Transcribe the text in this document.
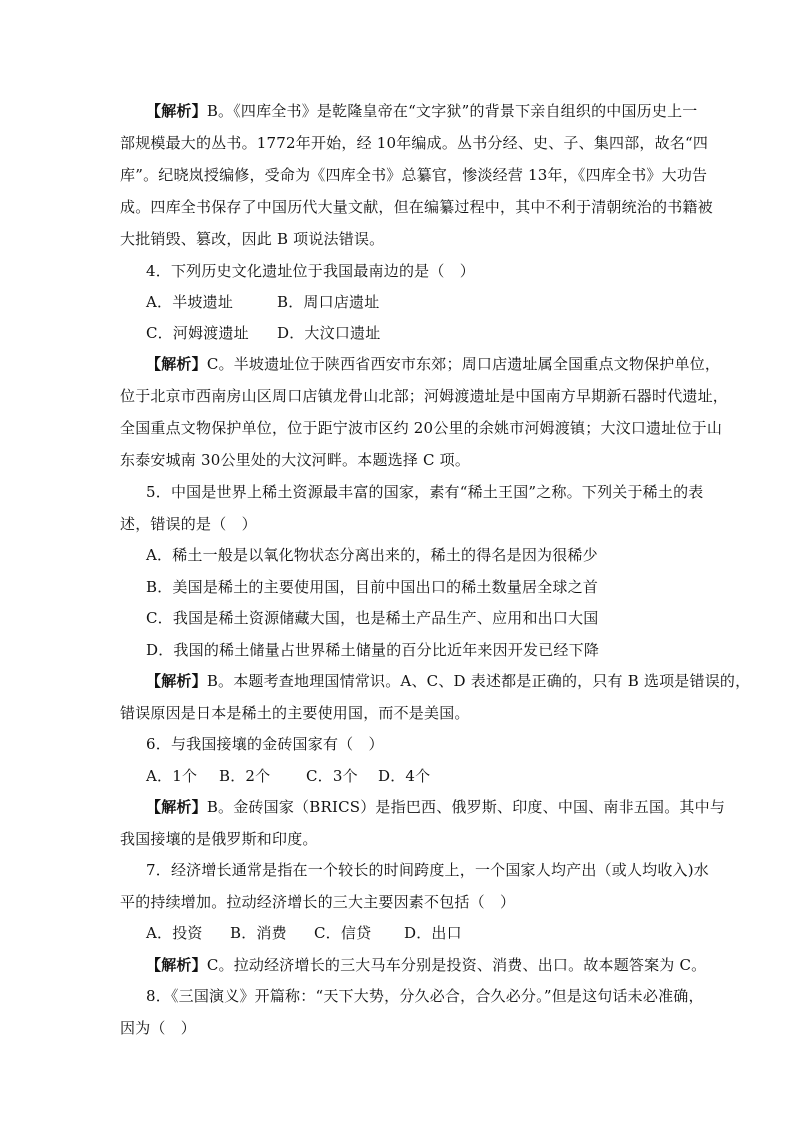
【解析】B。《四库全书》是乾隆皇帝在“文字狱”的背景下亲自组织的中国历史上一
部规模最大的丛书。1772年开始，经 10年编成。丛书分经、史、子、集四部，故名“四
库”。纪晓岚授编修，受命为《四库全书》总纂官，惨淡经营 13年，《四库全书》大功告
成。四库全书保存了中国历代大量文献，但在编纂过程中，其中不利于清朝统治的书籍被
大批销毁、篡改，因此 B 项说法错误。
4．下列历史文化遗址位于我国最南边的是（　）
A．半坡遗址	B．周口店遗址
C．河姆渡遗址 D．大汶口遗址
【解析】C。半坡遗址位于陕西省西安市东郊；周口店遗址属全国重点文物保护单位，
位于北京市西南房山区周口店镇龙骨山北部；河姆渡遗址是中国南方早期新石器时代遗址，
全国重点文物保护单位，位于距宁波市区约 20公里的余姚市河姆渡镇；大汶口遗址位于山
东泰安城南 30公里处的大汶河畔。本题选择 C 项。
5．中国是世界上稀土资源最丰富的国家，素有“稀土王国”之称。下列关于稀土的表
述，错误的是（　）
A．稀土一般是以氧化物状态分离出来的，稀土的得名是因为很稀少
B．美国是稀土的主要使用国，目前中国出口的稀土数量居全球之首
C．我国是稀土资源储藏大国，也是稀土产品生产、应用和出口大国
D．我国的稀土储量占世界稀土储量的百分比近年来因开发已经下降
【解析】B。本题考查地理国情常识。A、C、D 表述都是正确的，只有 B 选项是错误的，
错误原因是日本是稀土的主要使用国，而不是美国。
6．与我国接壤的金砖国家有（　）
A．1个 B．2个 C．3个 D．4个
【解析】B。金砖国家（BRICS）是指巴西、俄罗斯、印度、中国、南非五国。其中与
我国接壤的是俄罗斯和印度。
7．经济增长通常是指在一个较长的时间跨度上，一个国家人均产出（或人均收入)水
平的持续增加。拉动经济增长的三大主要因素不包括（　）
A．投资 B．消费 C．信贷 D．出口
【解析】C。拉动经济增长的三大马车分别是投资、消费、出口。故本题答案为 C。
8．《三国演义》开篇称：“天下大势，分久必合，合久必分。”但是这句话未必准确，
因为（　）
